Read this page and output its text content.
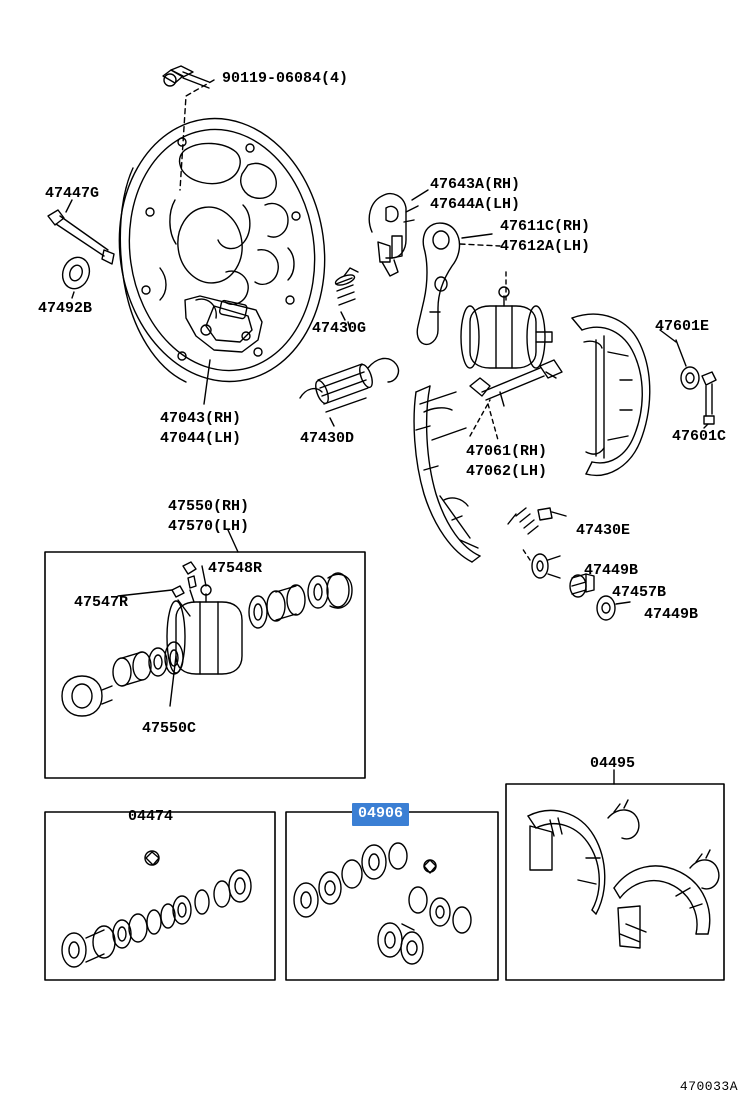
90119-06084(4)
47447G
47492B
47043(RH)
47044(LH)
47430G
47430D
47643A(RH)
47644A(LH)
47611C(RH)
47612A(LH)
47601E
47601C
47061(RH)
47062(LH)
47430E
47449B
47457B
47449B
47550(RH)
47570(LH)
47548R
47547R
47550C
04495
04474	04906
470033A
